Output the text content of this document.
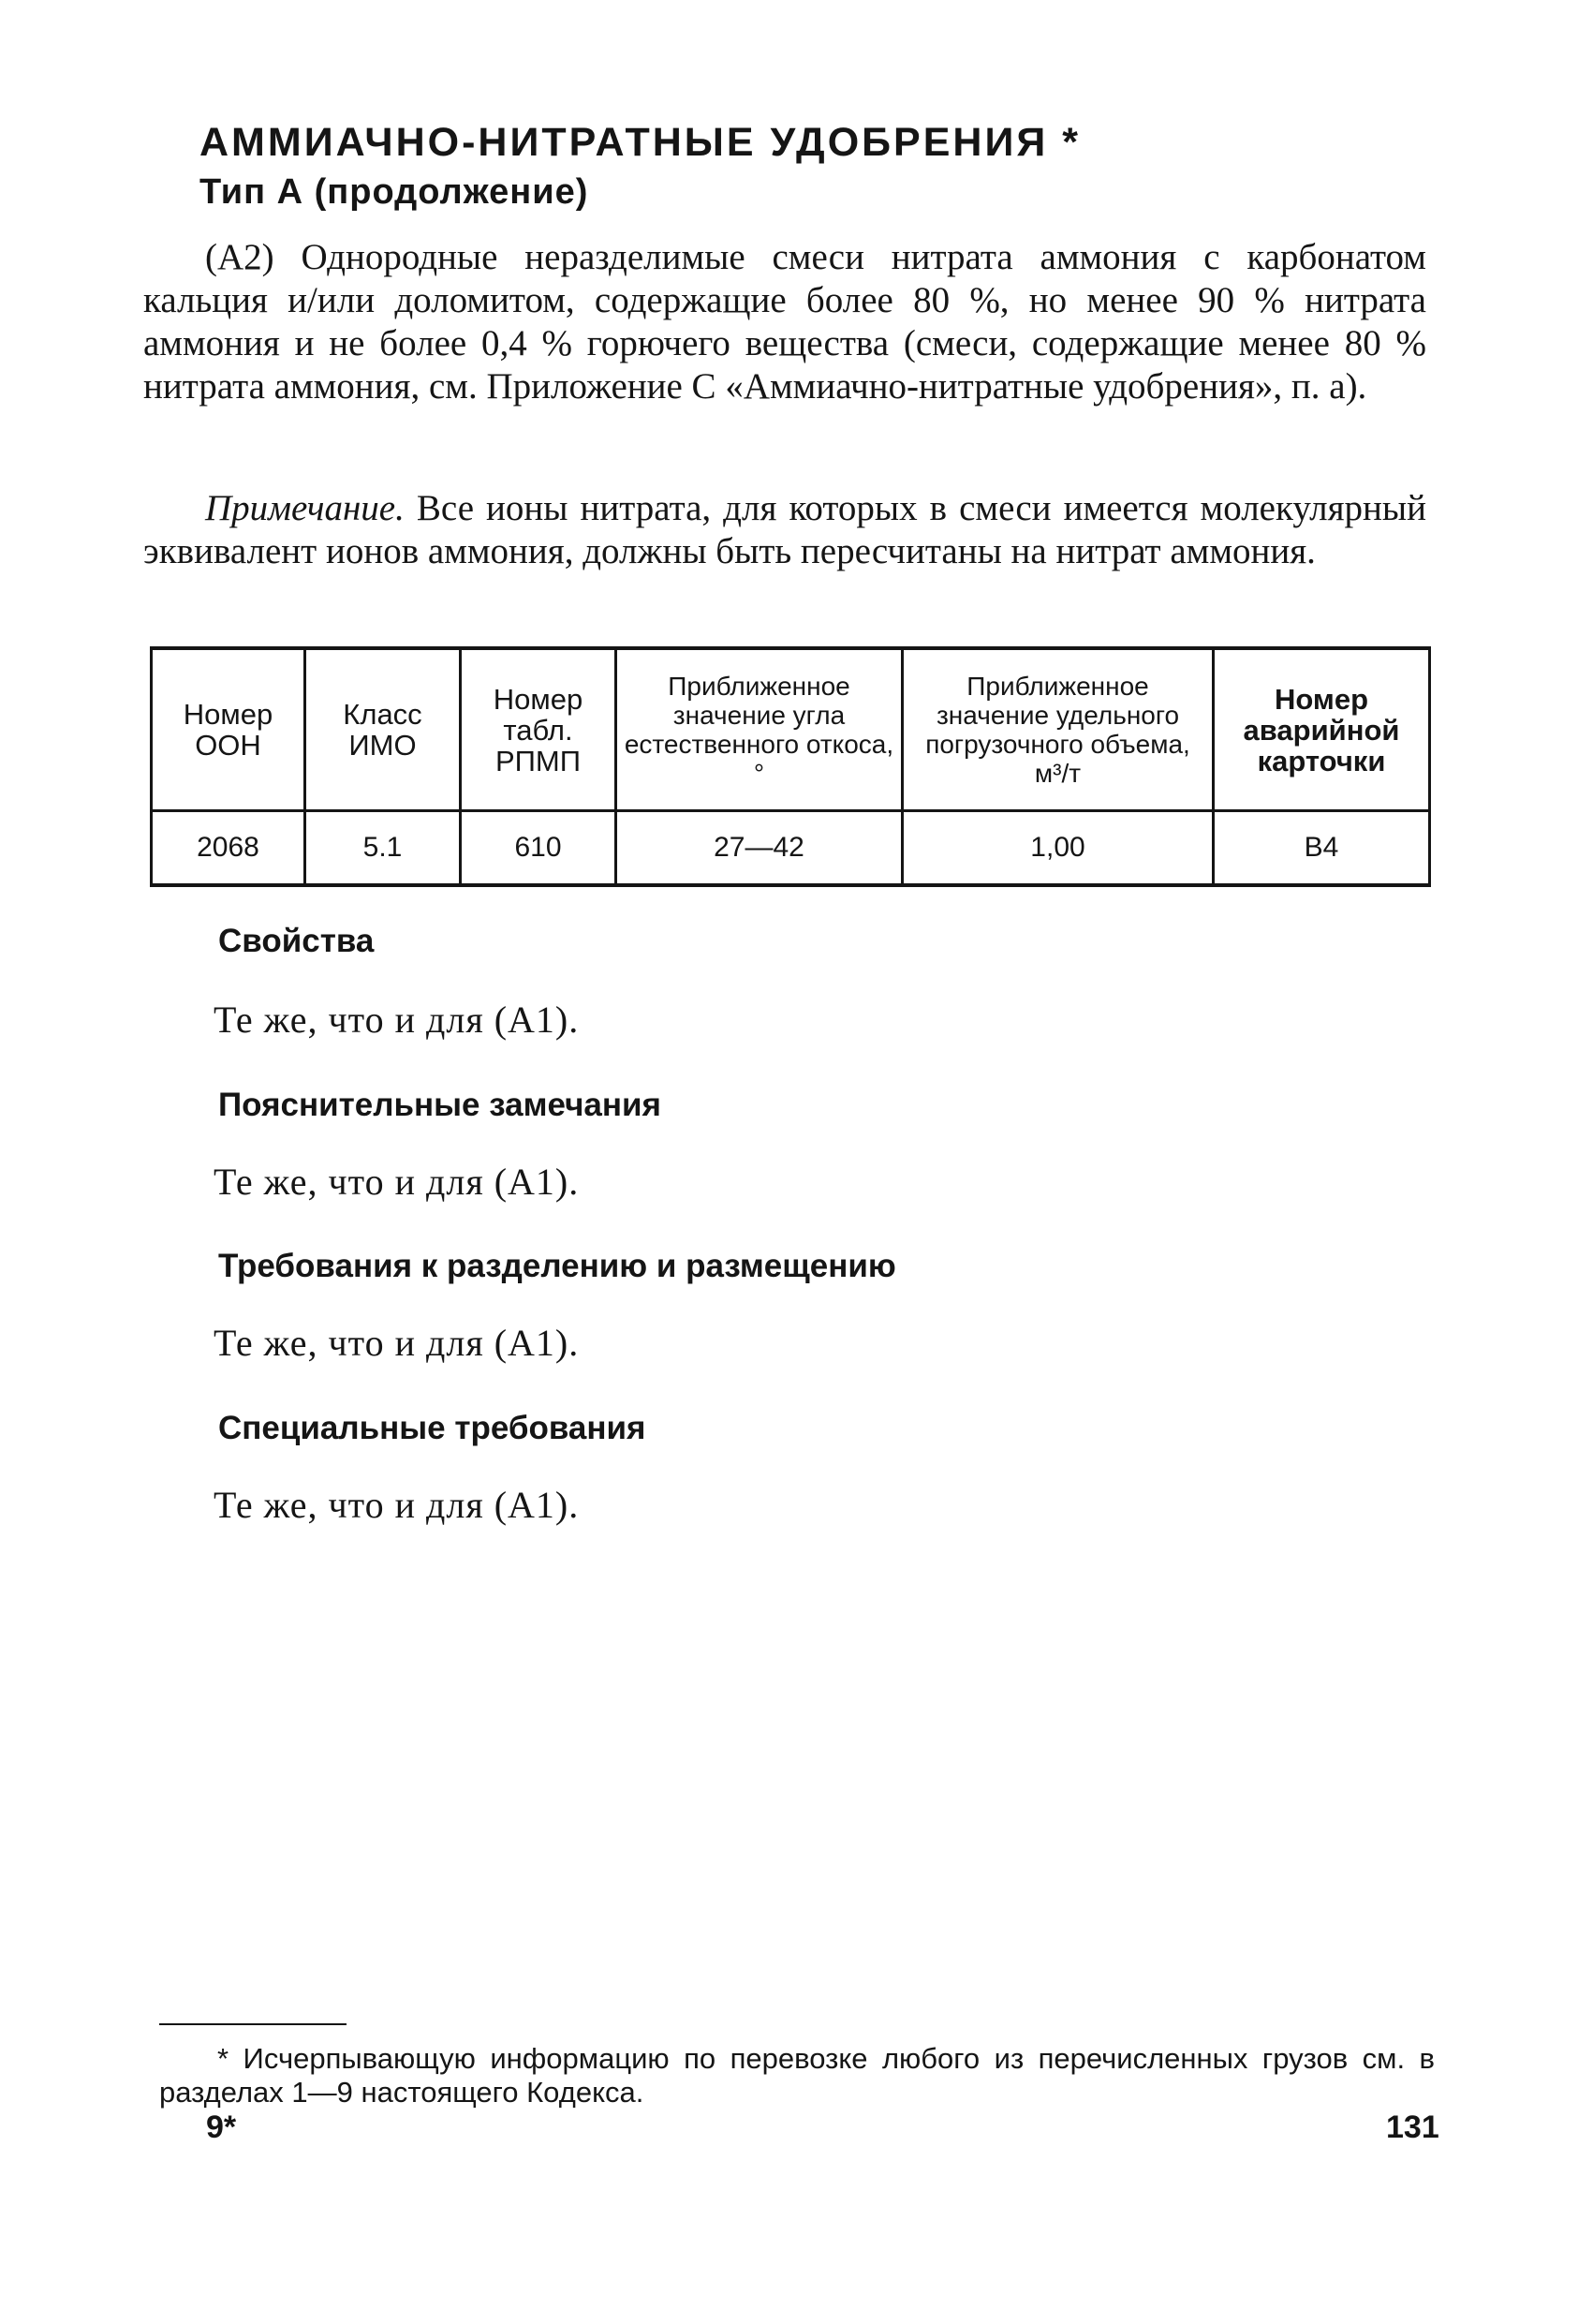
АММИАЧНО-НИТРАТНЫЕ УДОБРЕНИЯ *
Тип А (продолжение)
(А2) Однородные неразделимые смеси нитрата аммония с карбонатом кальция и/или доломитом, содержащие более 80 %, но менее 90 % нитрата аммония и не более 0,4 % горючего вещества (смеси, содержащие менее 80 % нитрата аммония, см. Приложение С «Аммиачно-нитратные удобрения», п. а).
Примечание. Все ионы нитрата, для которых в смеси имеется молекулярный эквивалент ионов аммония, должны быть пересчитаны на нитрат аммония.
Номер ООН	Класс ИМО	Номер табл. РПМП	Приближенное значение угла естественного откоса, °	Приближенное значение удельного погрузочного объема, м³/т	Номер аварийной карточки
2068	5.1	610	27—42	1,00	В4
Свойства
Те же, что и для (А1).
Пояснительные замечания
Те же, что и для (А1).
Требования к разделению и размещению
Те же, что и для (А1).
Специальные требования
Те же, что и для (А1).
* Исчерпывающую информацию по перевозке любого из перечисленных грузов см. в разделах 1—9 настоящего Кодекса.
9*	131
